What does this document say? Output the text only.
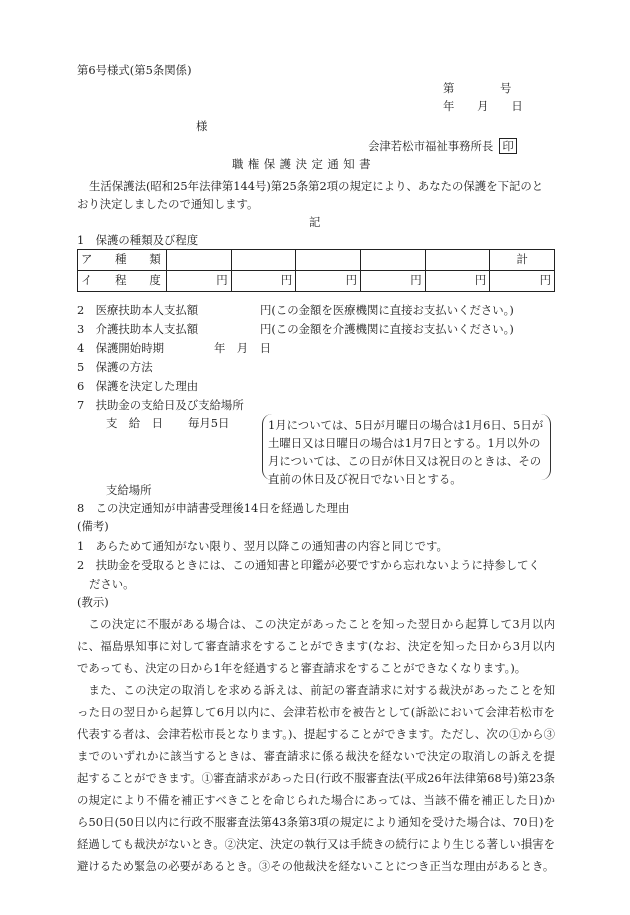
第6号様式(第5条関係)
第　　　　号
年　　月　　日
様
会津若松市福祉事務所長 印
職権保護決定通知書
生活保護法(昭和25年法律第144号)第25条第2項の規定により、あなたの保護を下記のと
おり決定しましたので通知します。
記
1　保護の種類及び程度
ア　　種　　類						計
イ　　程　　度	円	円	円	円	円	円
2　医療扶助本人支払額	円(この金額を医療機関に直接お支払いください。)
3　介護扶助本人支払額	円(この金額を介護機関に直接お支払いください。)
4　保護開始時期	年　月　日
5　保護の方法
6　保護を決定した理由
7　扶助金の支給日及び支給場所
支　給　日 毎月5日	1月については、5日が月曜日の場合は1月6日、5日が土曜日又は日曜日の場合は1月7日とする。1月以外の月については、この日が休日又は祝日のときは、その直前の休日及び祝日でない日とする。
支給場所
8　この決定通知が申請書受理後14日を経過した理由
(備考)
1　あらためて通知がない限り、翌月以降この通知書の内容と同じです。
2　扶助金を受取るときには、この通知書と印鑑が必要ですから忘れないように持参してく
ださい。
(教示)
この決定に不服がある場合は、この決定があったことを知った翌日から起算して3月以内に、福島県知事に対して審査請求をすることができます(なお、決定を知った日から3月以内であっても、決定の日から1年を経過すると審査請求をすることができなくなります。)。
また、この決定の取消しを求める訴えは、前記の審査請求に対する裁決があったことを知った日の翌日から起算して6月以内に、会津若松市を被告として(訴訟において会津若松市を代表する者は、会津若松市長となります。)、提起することができます。ただし、次の①から③までのいずれかに該当するときは、審査請求に係る裁決を経ないで決定の取消しの訴えを提起することができます。①審査請求があった日(行政不服審査法(平成26年法律第68号)第23条の規定により不備を補正すべきことを命じられた場合にあっては、当該不備を補正した日)から50日(50日以内に行政不服審査法第43条第3項の規定により通知を受けた場合は、70日)を経過しても裁決がないとき。②決定、決定の執行又は手続きの続行により生じる著しい損害を避けるため緊急の必要があるとき。③その他裁決を経ないことにつき正当な理由があるとき。
